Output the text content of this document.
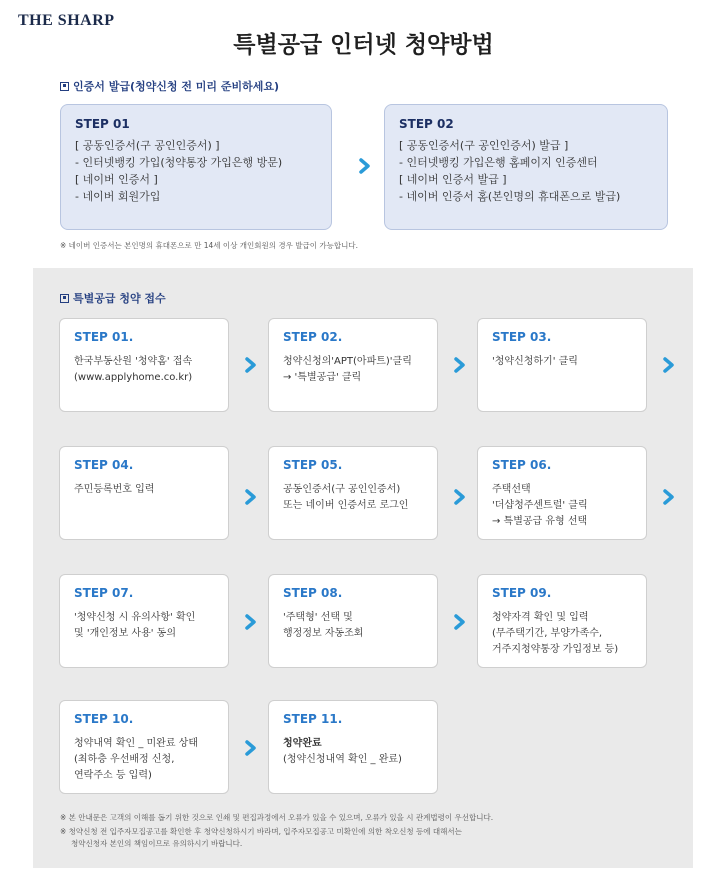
THE SHARP
특별공급 인터넷 청약방법
인증서 발급(청약신청 전 미리 준비하세요)
STEP 01
[ 공동인증서(구 공인인증서) ]
- 인터넷뱅킹 가입(청약통장 가입은행 방문)
[ 네이버 인증서 ]
- 네이버 회원가입
STEP 02
[ 공동인증서(구 공인인증서) 발급 ]
- 인터넷뱅킹 가입은행 홈페이지 인증센터
[ 네이버 인증서 발급 ]
- 네이버 인증서 홈(본인명의 휴대폰으로 발급)
※ 네이버 인증서는 본인명의 휴대폰으로 만 14세 이상 개인회원의 경우 발급이 가능합니다.
특별공급 청약 접수
STEP 01.
한국부동산원 '청약홈' 접속
(www.applyhome.co.kr)
STEP 02.
청약신청의'APT(아파트)'클릭
→ '특별공급' 클릭
STEP 03.
'청약신청하기' 클릭
STEP 04.
주민등록번호 입력
STEP 05.
공동인증서(구 공인인증서)
또는 네이버 인증서로 로그인
STEP 06.
주택선택
'더샵청주센트럴' 클릭
→ 특별공급 유형 선택
STEP 07.
'청약신청 시 유의사항' 확인
및 '개인정보 사용' 동의
STEP 08.
'주택형' 선택 및
행정정보 자동조회
STEP 09.
청약자격 확인 및 입력
(무주택기간, 부양가족수,
거주지청약통장 가입정보 등)
STEP 10.
청약내역 확인 _ 미완료 상태
(최하층 우선배정 신청,
연락주소 등 입력)
STEP 11.
청약완료
(청약신청내역 확인 _ 완료)
※ 본 안내문은 고객의 이해를 돕기 위한 것으로 인쇄 및 편집과정에서 오류가 있을 수 있으며, 오류가 있을 시 관계법령이 우선합니다.
※ 청약신청 전 입주자모집공고를 확인한 후 청약신청하시기 바라며, 입주자모집공고 미확인에 의한 착오신청 등에 대해서는
청약신청자 본인의 책임이므로 유의하시기 바랍니다.
